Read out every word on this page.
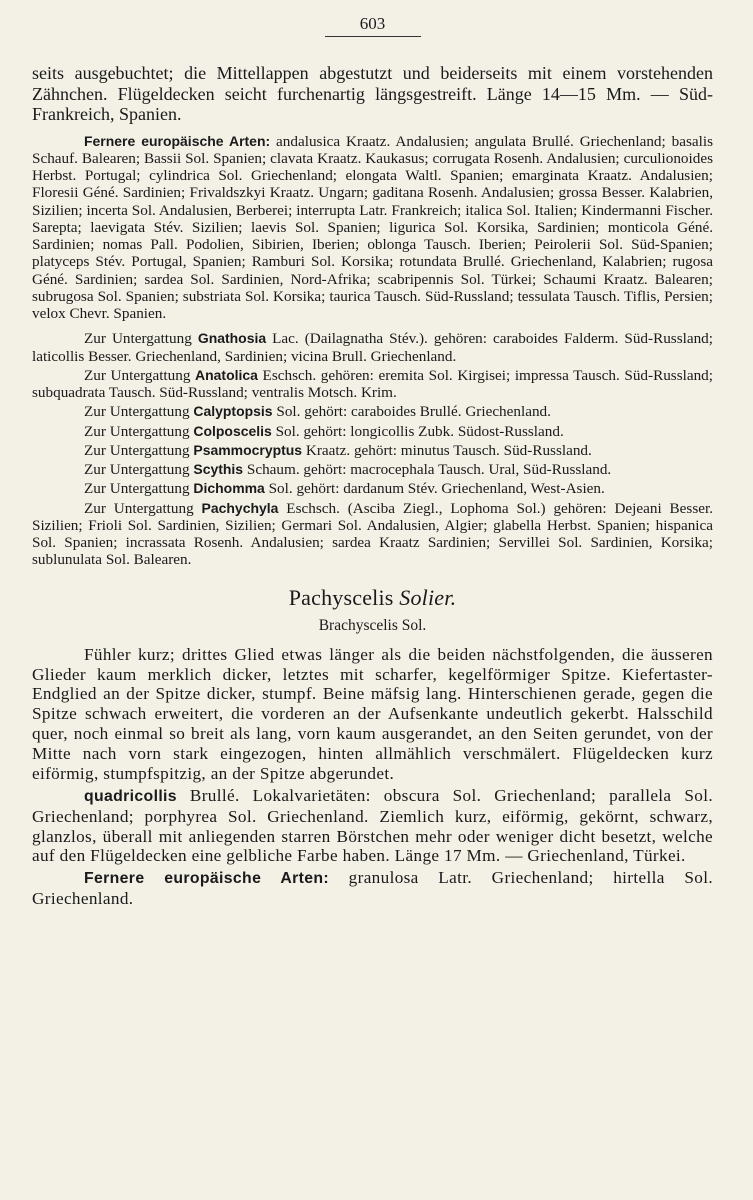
603

seits ausgebuchtet; die Mittellappen abgestutzt und beiderseits mit einem vorstehenden Zähnchen. Flügeldecken seicht furchenartig längsgestreift. Länge 14—15 Mm. — Süd-Frankreich, Spanien.

Fernere europäische Arten: andalusica Kraatz. Andalusien; angulata Brullé. Griechenland; basalis Schauf. Balearen; Bassii Sol. Spanien; clavata Kraatz. Kaukasus; corrugata Rosenh. Andalusien; curculionoides Herbst. Portugal; cylindrica Sol. Griechenland; elongata Waltl. Spanien; emarginata Kraatz. Andalusien; Floresii Géné. Sardinien; Frivaldszkyi Kraatz. Ungarn; gaditana Rosenh. Andalusien; grossa Besser. Kalabrien, Sizilien; incerta Sol. Andalusien, Berberei; interrupta Latr. Frankreich; italica Sol. Italien; Kindermanni Fischer. Sarepta; laevigata Stév. Sizilien; laevis Sol. Spanien; ligurica Sol. Korsika, Sardinien; monticola Géné. Sardinien; nomas Pall. Podolien, Sibirien, Iberien; oblonga Tausch. Iberien; Peirolerii Sol. Süd-Spanien; platyceps Stév. Portugal, Spanien; Ramburi Sol. Korsika; rotundata Brullé. Griechenland, Kalabrien; rugosa Géné. Sardinien; sardea Sol. Sardinien, Nord-Afrika; scabripennis Sol. Türkei; Schaumi Kraatz. Balearen; subrugosa Sol. Spanien; substriata Sol. Korsika; taurica Tausch. Süd-Russland; tessulata Tausch. Tiflis, Persien; velox Chevr. Spanien.

Zur Untergattung Gnathosia Lac. (Dailagnatha Stév.). gehören: caraboides Falderm. Süd-Russland; laticollis Besser. Griechenland, Sardinien; vicina Brull. Griechenland.

Zur Untergattung Anatolica Eschsch. gehören: eremita Sol. Kirgisei; impressa Tausch. Süd-Russland; subquadrata Tausch. Süd-Russland; ventralis Motsch. Krim.

Zur Untergattung Calyptopsis Sol. gehört: caraboides Brullé. Griechenland.

Zur Untergattung Colposcelis Sol. gehört: longicollis Zubk. Südost-Russland.

Zur Untergattung Psammocryptus Kraatz. gehört: minutus Tausch. Süd-Russland.

Zur Untergattung Scythis Schaum. gehört: macrocephala Tausch. Ural, Süd-Russland.

Zur Untergattung Dichomma Sol. gehört: dardanum Stév. Griechenland, West-Asien.

Zur Untergattung Pachychyla Eschsch. (Asciba Ziegl., Lophoma Sol.) gehören: Dejeani Besser. Sizilien; Frioli Sol. Sardinien, Sizilien; Germari Sol. Andalusien, Algier; glabella Herbst. Spanien; hispanica Sol. Spanien; incrassata Rosenh. Andalusien; sardea Kraatz Sardinien; Servillei Sol. Sardinien, Korsika; sublunulata Sol. Balearen.

Pachyscelis Solier.
Brachyscelis Sol.

Fühler kurz; drittes Glied etwas länger als die beiden nächstfolgenden, die äusseren Glieder kaum merklich dicker, letztes mit scharfer, kegelförmiger Spitze. Kiefertaster-Endglied an der Spitze dicker, stumpf. Beine mäfsig lang. Hinterschienen gerade, gegen die Spitze schwach erweitert, die vorderen an der Aufsenkante undeutlich gekerbt. Halsschild quer, noch einmal so breit als lang, vorn kaum ausgerandet, an den Seiten gerundet, von der Mitte nach vorn stark eingezogen, hinten allmählich verschmälert. Flügeldecken kurz eiförmig, stumpfspitzig, an der Spitze abgerundet.

quadricollis Brullé. Lokalvarietäten: obscura Sol. Griechenland; parallela Sol. Griechenland; porphyrea Sol. Griechenland. Ziemlich kurz, eiförmig, gekörnt, schwarz, glanzlos, überall mit anliegenden starren Börstchen mehr oder weniger dicht besetzt, welche auf den Flügeldecken eine gelbliche Farbe haben. Länge 17 Mm. — Griechenland, Türkei.

Fernere europäische Arten: granulosa Latr. Griechenland; hirtella Sol. Griechenland.
